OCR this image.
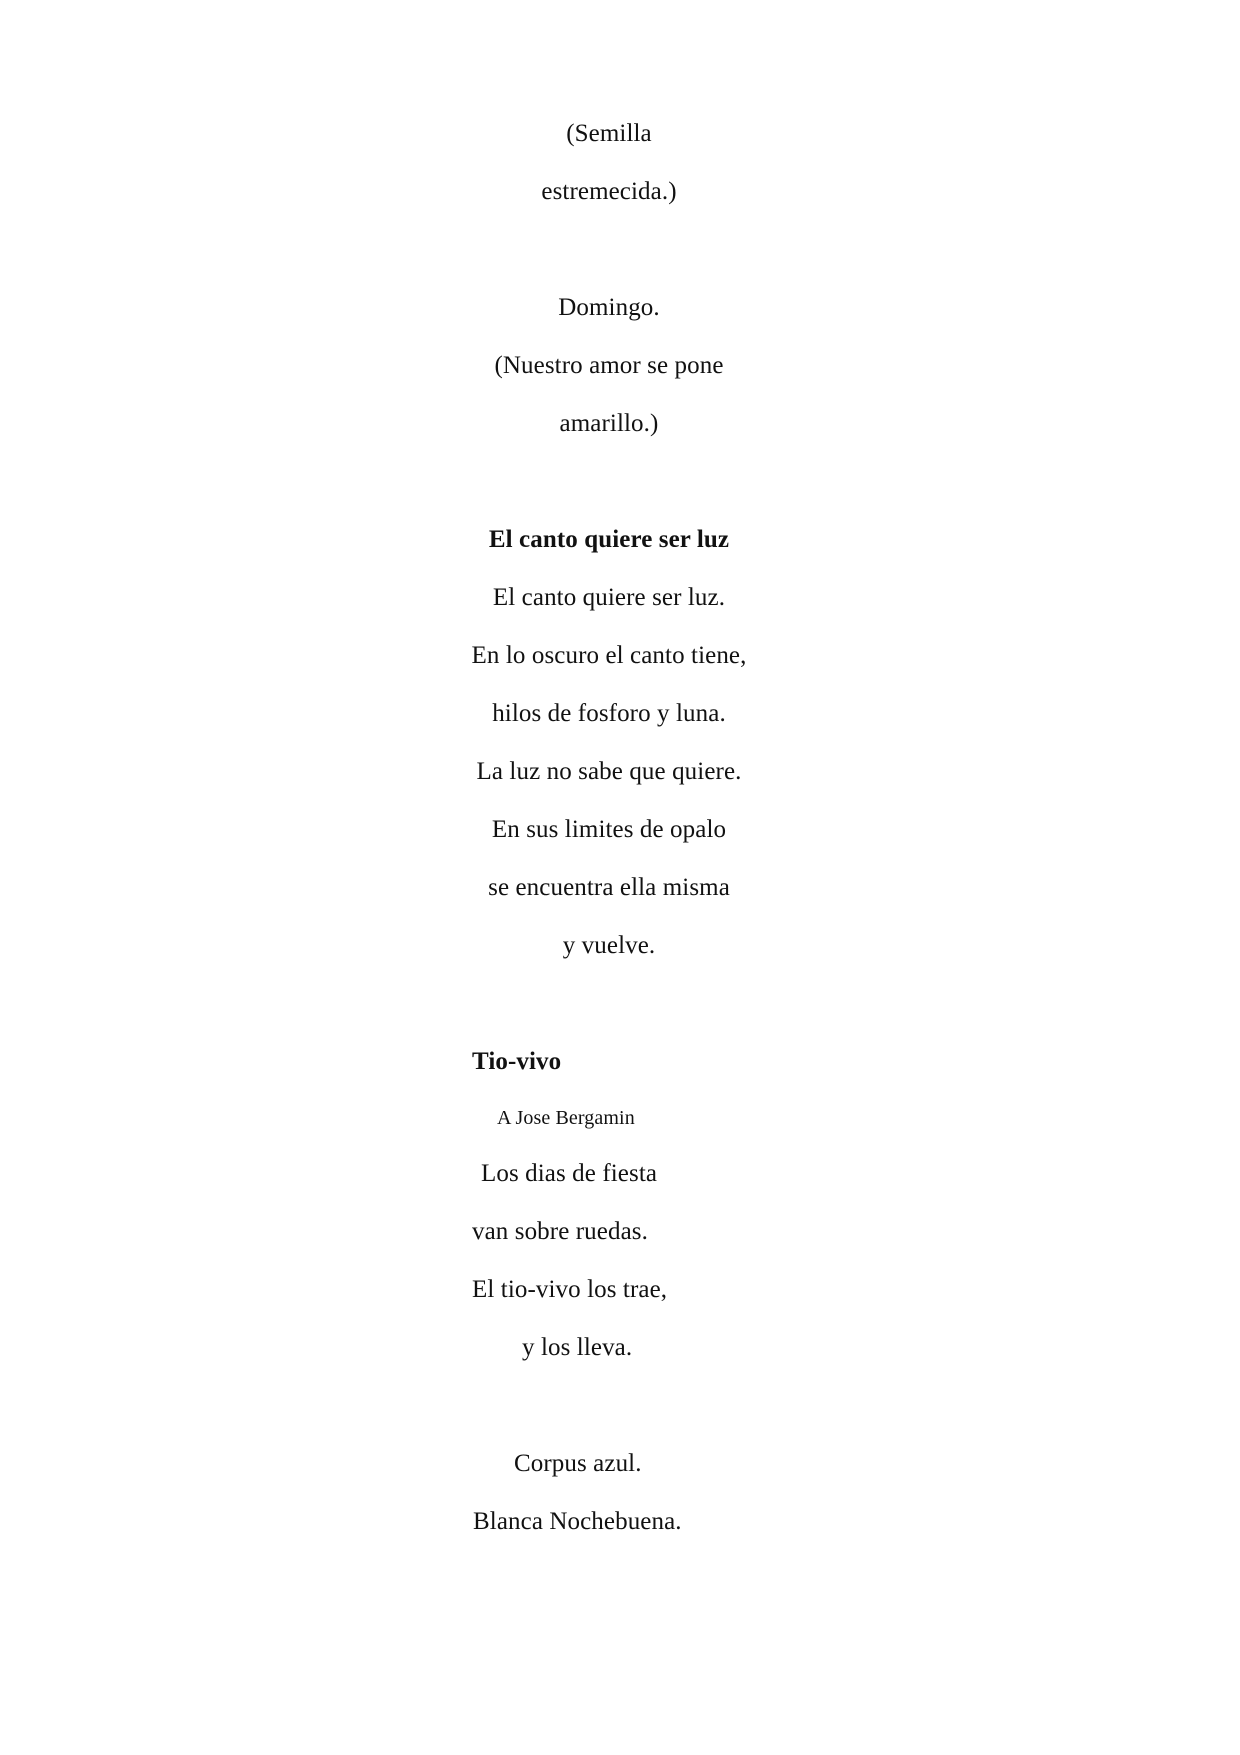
(Semilla
estremecida.)
Domingo.
(Nuestro amor se pone
amarillo.)
El canto quiere ser luz
El canto quiere ser luz.
En lo oscuro el canto tiene,
hilos de fosforo y luna.
La luz no sabe que quiere.
En sus limites de opalo
se encuentra ella misma
y vuelve.
Tio-vivo
A Jose Bergamin
Los dias de fiesta
van sobre ruedas.
El tio-vivo los trae,
y los lleva.
Corpus azul.
Blanca Nochebuena.
